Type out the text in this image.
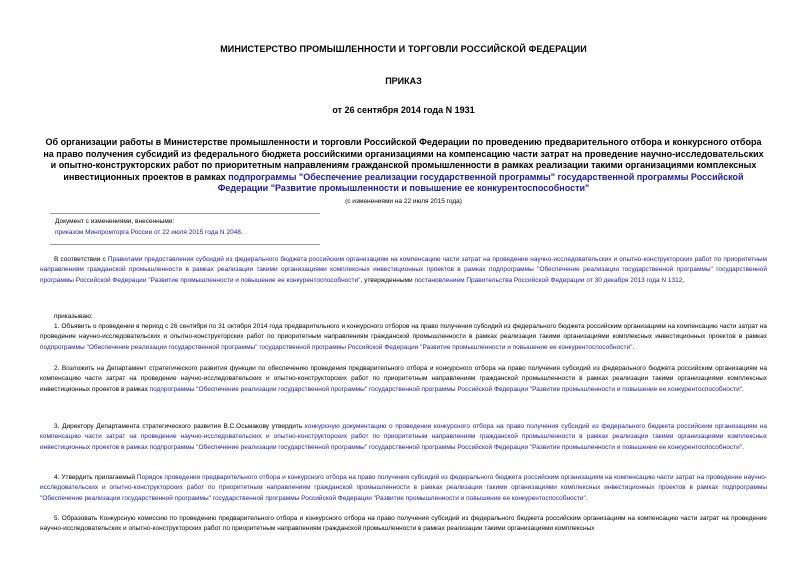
МИНИСТЕРСТВО ПРОМЫШЛЕННОСТИ И ТОРГОВЛИ РОССИЙСКОЙ ФЕДЕРАЦИИ
ПРИКАЗ
от 26 сентября 2014 года N 1931
Об организации работы в Министерстве промышленности и торговли Российской Федерации по проведению предварительного отбора и конкурсного отбора на право получения субсидий из федерального бюджета российскими организациями на компенсацию части затрат на проведение научно-исследовательских и опытно-конструкторских работ по приоритетным направлениям гражданской промышленности в рамках реализации такими организациями комплексных инвестиционных проектов в рамках подпрограммы "Обеспечение реализации государственной программы" государственной программы Российской Федерации "Развитие промышленности и повышение ее конкурентоспособности"
(с изменениями на 22 июля 2015 года)
Документ с изменениями, внесенными:
приказом Минпромторга России от 22 июля 2015 года N 2048.
В соответствии с Правилами предоставления субсидий из федерального бюджета российским организациям на компенсацию части затрат на проведение научно-исследовательских и опытно-конструкторских работ по приоритетным направлениям гражданской промышленности в рамках реализации такими организациями комплексных инвестиционных проектов в рамках подпрограммы "Обеспечение реализации государственной программы" государственной программы Российской Федерации "Развитие промышленности и повышение ее конкурентоспособности", утвержденными постановлением Правительства Российской Федерации от 30 декабря 2013 года N 1312,
приказываю:
1. Объявить о проведении в период с 26 сентября по 31 октября 2014 года предварительного и конкурсного отборов на право получения субсидий из федерального бюджета российским организациям на компенсацию части затрат на проведение научно-исследовательских и опытно-конструкторских работ по приоритетным направлениям гражданской промышленности в рамках реализации такими организациями комплексных инвестиционных проектов в рамках подпрограммы "Обеспечение реализации государственной программы" государственной программы Российской Федерации "Развитие промышленности и повышение ее конкурентоспособности".
2. Возложить на Департамент стратегического развития функции по обеспечению проведения предварительного отбора и конкурсного отбора на право получения субсидий из федерального бюджета российским организациям на компенсацию части затрат на проведение научно-исследовательских и опытно-конструкторских работ по приоритетным направлениям гражданской промышленности в рамках реализации такими организациями комплексных инвестиционных проектов в рамках подпрограммы "Обеспечение реализации государственной программы" государственной программы Российской Федерации "Развитие промышленности и повышение ее конкурентоспособности".
3. Директору Департамента стратегического развития В.С.Осьмакову утвердить конкурсную документацию о проведении конкурсного отбора на право получения субсидий из федерального бюджета российским организациям на компенсацию части затрат на проведение научно-исследовательских и опытно-конструкторских работ по приоритетным направлениям гражданской промышленности в рамках реализации такими организациями комплексных инвестиционных проектов в рамках подпрограммы "Обеспечение реализации государственной программы" государственной программы Российской Федерации "Развитие промышленности и повышение ее конкурентоспособности".
4. Утвердить прилагаемый Порядок проведения предварительного отбора и конкурсного отбора на право получения субсидий из федерального бюджета российским организациям на компенсацию части затрат на проведение научно-исследовательских и опытно-конструкторских работ по приоритетным направлениям гражданской промышленности в рамках реализации такими организациями комплексных инвестиционных проектов в рамках подпрограммы "Обеспечение реализации государственной программы" государственной программы Российской Федерации "Развитие промышленности и повышение ее конкурентоспособности".
5. Образовать Конкурсную комиссию по проведению предварительного отбора и конкурсного отбора на право получения субсидий из федерального бюджета российским организациям на компенсацию части затрат на проведение научно-исследовательских и опытно-конструкторских работ по приоритетным направлениям гражданской промышленности в рамках реализации такими организациями комплексных
